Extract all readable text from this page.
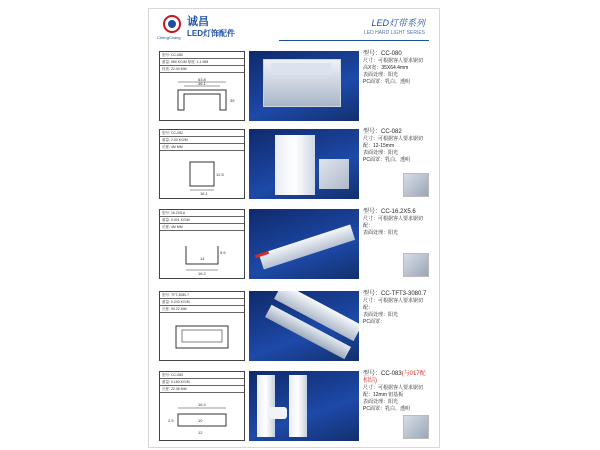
ChengChang
诚昌
LED灯饰配件
LED灯带系列
LED HARD LIGHT SERIES
型号: CC-080
重量: 080 KG/M 厚度: 1.1 MM
材质: 22.40 MM
63.8
46.1
35
型号：CC-080
尺寸：可根据客人要求锯切
高X宽：35X64.4mm
表面处理：阳光
PC面罩：乳白、透明
型号: CC-082
重量: 2.00 KG/M
长度: 4M MM
16.1
12.5
型号：CC-082
尺寸：可根据客人要求锯切
配：12-15mm
表面处理：阳光
PC面罩：乳白、透明
型号: 16.2X5.6
重量: 0.001 KG/M
长度: 4M MM
16.2
14
5.6
型号：CC-16.2X5.6
尺寸：可根据客人要求锯切
配：
表面处理：阳光
型号: TFT-3080.7
重量: 0.243 KG/M
长度: 90.22 MM
型号：CC-TFT3-3080.7
尺寸：可根据客人要求锯切
配：
表面处理：阳光
PC面罩：
型号: CC-083
重量: 0.160 KG/M
长度: 22.36 MM
16.4
10
12
2.5
型号：CC-083(与017配相结)
尺寸：可根据客人要求锯切
配：12mm 铝基板
表面处理：阳光
PC面罩：乳白、透明
